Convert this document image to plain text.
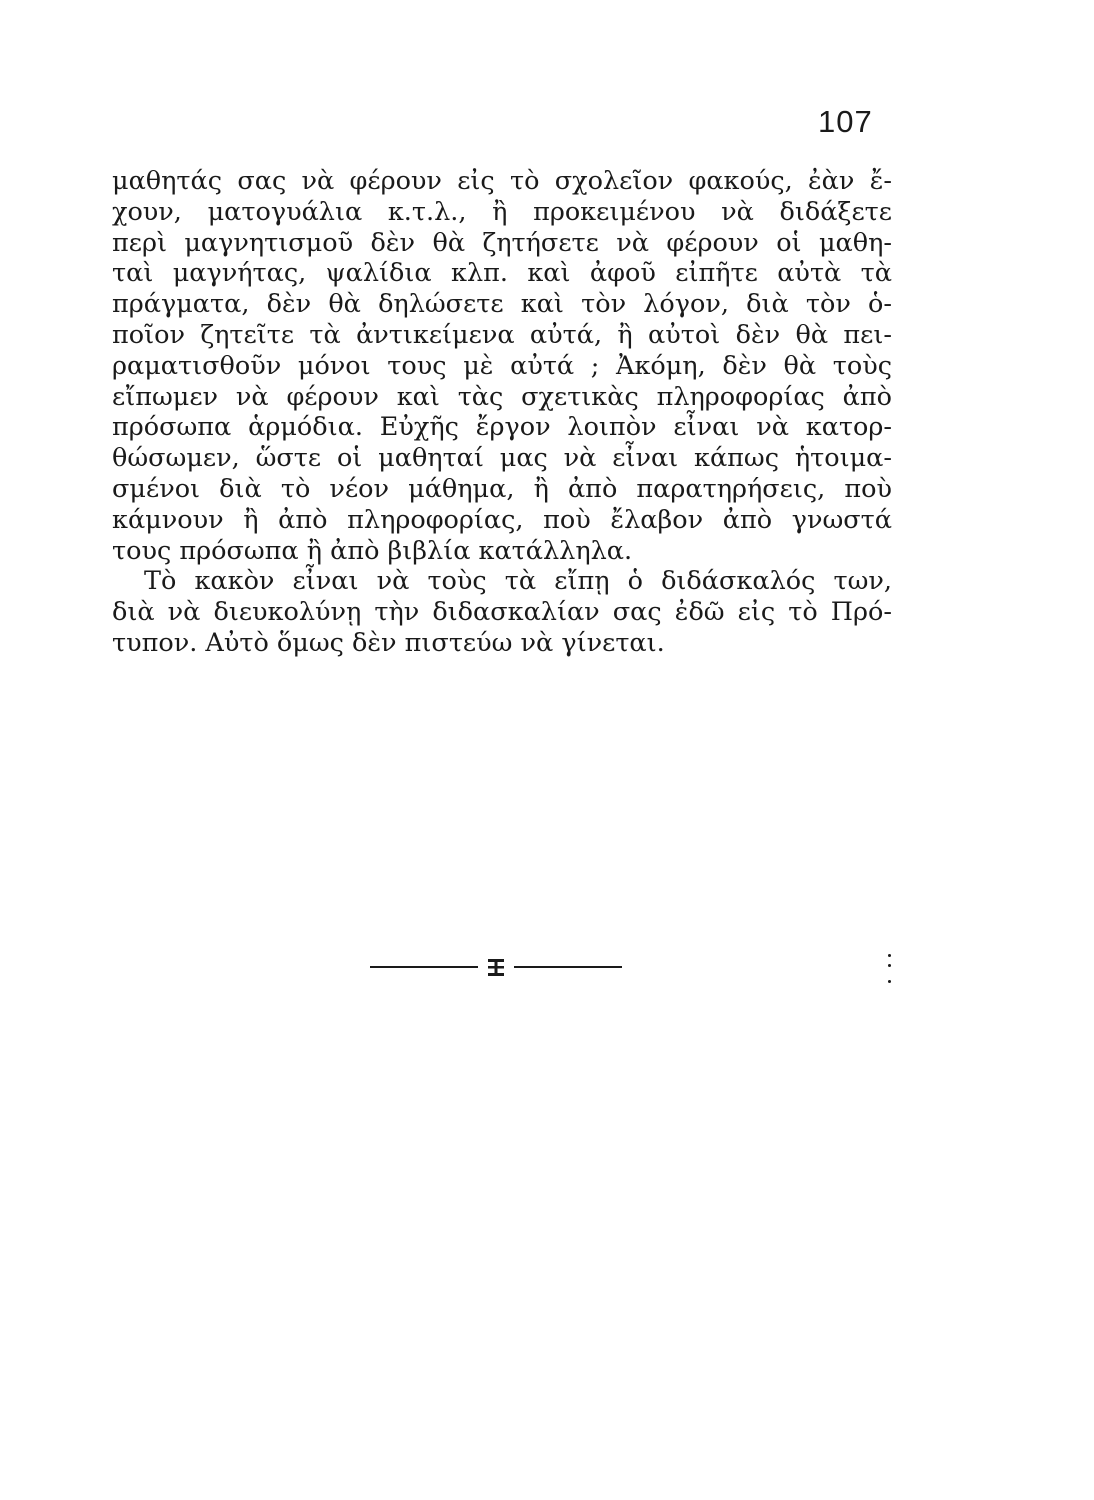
107
μαθητάς σας νὰ φέρουν εἰς τὸ σχολεῖον φακούς, ἐὰν ἔ-
χουν, ματογυάλια κ.τ.λ., ἢ προκειμένου νὰ διδάξετε
περὶ μαγνητισμοῦ δὲν θὰ ζητήσετε νὰ φέρουν οἱ μαθη-
ταὶ μαγνήτας, ψαλίδια κλπ. καὶ ἀφοῦ εἰπῆτε αὐτὰ τὰ
πράγματα, δὲν θὰ δηλώσετε καὶ τὸν λόγον, διὰ τὸν ὁ-
ποῖον ζητεῖτε τὰ ἀντικείμενα αὐτά, ἢ αὐτοὶ δὲν θὰ πει-
ραματισθοῦν μόνοι τους μὲ αὐτά ; Ἀκόμη, δὲν θὰ τοὺς
εἴπωμεν νὰ φέρουν καὶ τὰς σχετικὰς πληροφορίας ἀπὸ
πρόσωπα ἁρμόδια. Εὐχῆς ἔργον λοιπὸν εἶναι νὰ κατορ-
θώσωμεν, ὥστε οἱ μαθηταί μας νὰ εἶναι κάπως ἡτοιμα-
σμένοι διὰ τὸ νέον μάθημα, ἢ ἀπὸ παρατηρήσεις, ποὺ
κάμνουν ἢ ἀπὸ πληροφορίας, ποὺ ἔλαβον ἀπὸ γνωστά
τους πρόσωπα ἢ ἀπὸ βιβλία κατάλληλα.
Τὸ κακὸν εἶναι νὰ τοὺς τὰ εἴπῃ ὁ διδάσκαλός των,
διὰ νὰ διευκολύνῃ τὴν διδασκαλίαν σας ἐδῶ εἰς τὸ Πρό-
τυπον. Αὐτὸ ὅμως δὲν πιστεύω νὰ γίνεται.
